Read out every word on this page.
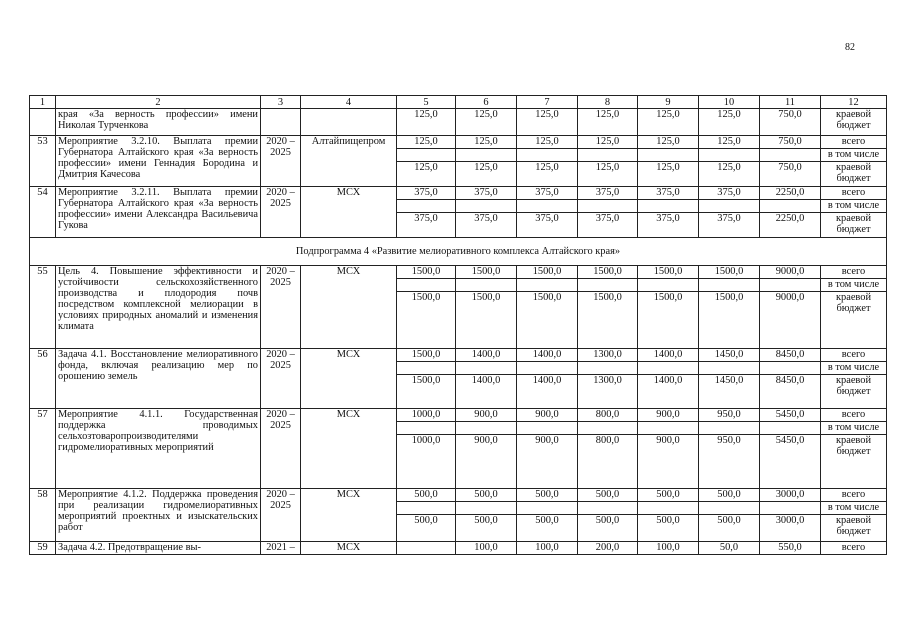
82
1	2	3	4	5	6	7	8	9	10	11	12
	края «За верность профессии» имени Николая Турченкова			125,0	125,0	125,0	125,0	125,0	125,0	750,0	краевой бюджет
53	Мероприятие 3.2.10. Выплата премии Губернатора Алтайского края «За верность профессии» имени Геннадия Бородина и Дмитрия Качесова	2020 – 2025	Алтайпищепром	125,0	125,0	125,0	125,0	125,0	125,0	750,0	всего
											в том числе
				125,0	125,0	125,0	125,0	125,0	125,0	750,0	краевой бюджет
54	Мероприятие 3.2.11. Выплата премии Губернатора Алтайского края «За верность профессии» имени Александра Васильевича Гукова	2020 – 2025	МСХ	375,0	375,0	375,0	375,0	375,0	375,0	2250,0	всего
											в том числе
				375,0	375,0	375,0	375,0	375,0	375,0	2250,0	краевой бюджет
Подпрограмма 4 «Развитие мелиоративного комплекса Алтайского края»											
55	Цель 4. Повышение эффективности и устойчивости сельскохозяйственного производства и плодородия почв посредством комплексной мелиорации в условиях природных аномалий и изменения климата	2020 – 2025	МСХ	1500,0	1500,0	1500,0	1500,0	1500,0	1500,0	9000,0	всего
											в том числе
				1500,0	1500,0	1500,0	1500,0	1500,0	1500,0	9000,0	краевой бюджет
56	Задача 4.1. Восстановление мелиоративного фонда, включая реализацию мер по орошению земель	2020 – 2025	МСХ	1500,0	1400,0	1400,0	1300,0	1400,0	1450,0	8450,0	всего
											в том числе
				1500,0	1400,0	1400,0	1300,0	1400,0	1450,0	8450,0	краевой бюджет
57	Мероприятие 4.1.1. Государственная поддержка проводимых сельхозтоваропроизводителями гидромелиоративных мероприятий	2020 – 2025	МСХ	1000,0	900,0	900,0	800,0	900,0	950,0	5450,0	всего
											в том числе
				1000,0	900,0	900,0	800,0	900,0	950,0	5450,0	краевой бюджет
58	Мероприятие 4.1.2. Поддержка проведения при реализации гидромелиоративных мероприятий проектных и изыскательских работ	2020 – 2025	МСХ	500,0	500,0	500,0	500,0	500,0	500,0	3000,0	всего
											в том числе
				500,0	500,0	500,0	500,0	500,0	500,0	3000,0	краевой бюджет
59	Задача 4.2. Предотвращение вы-	2021 –	МСХ		100,0	100,0	200,0	100,0	50,0	550,0	всего
